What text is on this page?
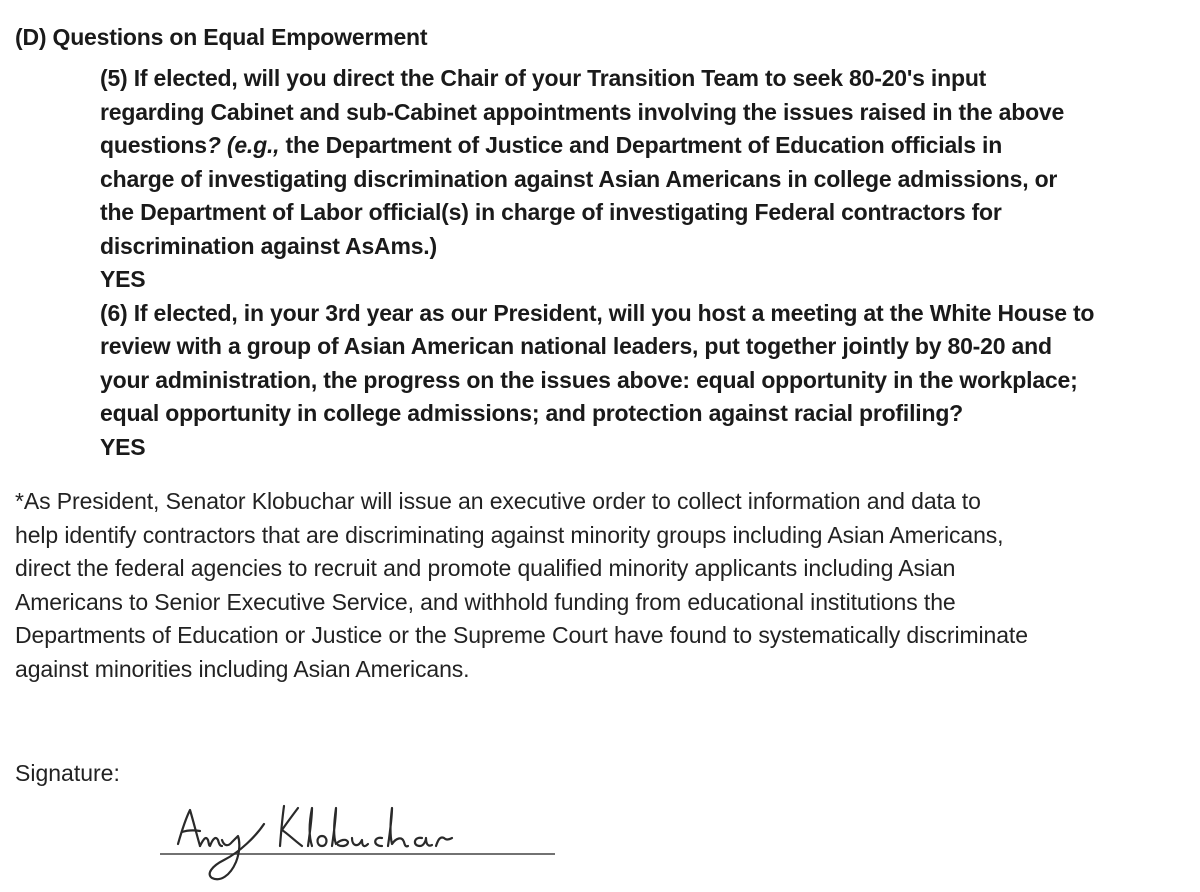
(D) Questions on Equal Empowerment
(5) If elected, will you direct the Chair of your Transition Team to seek 80-20's input
regarding Cabinet and sub-Cabinet appointments involving the issues raised in the above
questions? (e.g., the Department of Justice and Department of Education officials in
charge of investigating discrimination against Asian Americans in college admissions, or
the Department of Labor official(s) in charge of investigating Federal contractors for
discrimination against AsAms.)
YES
(6) If elected, in your 3rd year as our President, will you host a meeting at the White House to
review with a group of Asian American national leaders, put together jointly by 80-20 and
your administration, the progress on the issues above: equal opportunity in the workplace;
equal opportunity in college admissions; and protection against racial profiling?
YES
*As President, Senator Klobuchar will issue an executive order to collect information and data to
help identify contractors that are discriminating against minority groups including Asian Americans,
direct the federal agencies to recruit and promote qualified minority applicants including Asian
Americans to Senior Executive Service, and withhold funding from educational institutions the
Departments of Education or Justice or the Supreme Court have found to systematically discriminate
against minorities including Asian Americans.
Signature:
